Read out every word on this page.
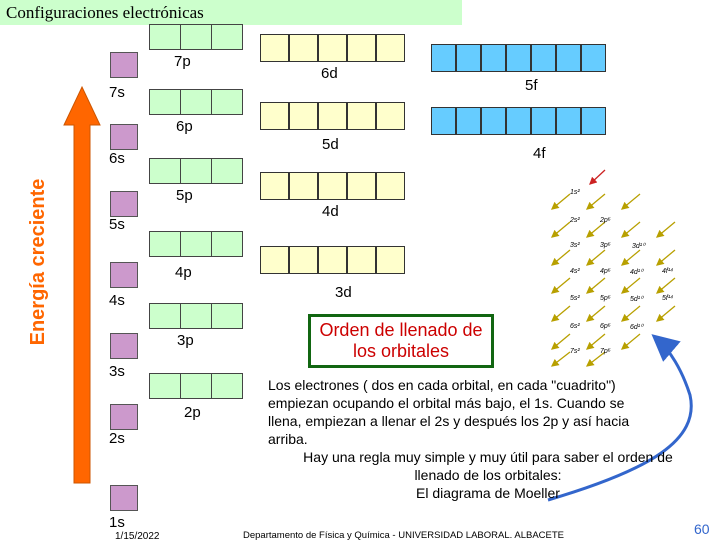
Configuraciones electrónicas
Energía creciente
7s
6s
5s
4s
3s
2s
1s
7p
6p
5p
4p
3p
2p
6d
5d
4d
3d
5f
4f
1s²
2s²	2p⁶
3s²	3p⁶	3d¹⁰
4s²	4p⁶	4d¹⁰	4f¹⁴
5s²	5p⁶	5d¹⁰	5f¹⁴
6s²	6p⁶	6d¹⁰
7s²	7p⁶
Orden de llenado de los orbitales
Los electrones ( dos en cada orbital, en cada "cuadrito")
empiezan ocupando el orbital más bajo, el 1s. Cuando se
llena, empiezan a llenar el 2s y después los 2p y así hacia
arriba.
Hay una regla muy simple y muy útil para saber el orden de
llenado de los orbitales:
El diagrama de Moeller
1/15/2022	Departamento de Física y Química - UNIVERSIDAD LABORAL. ALBACETE	60
